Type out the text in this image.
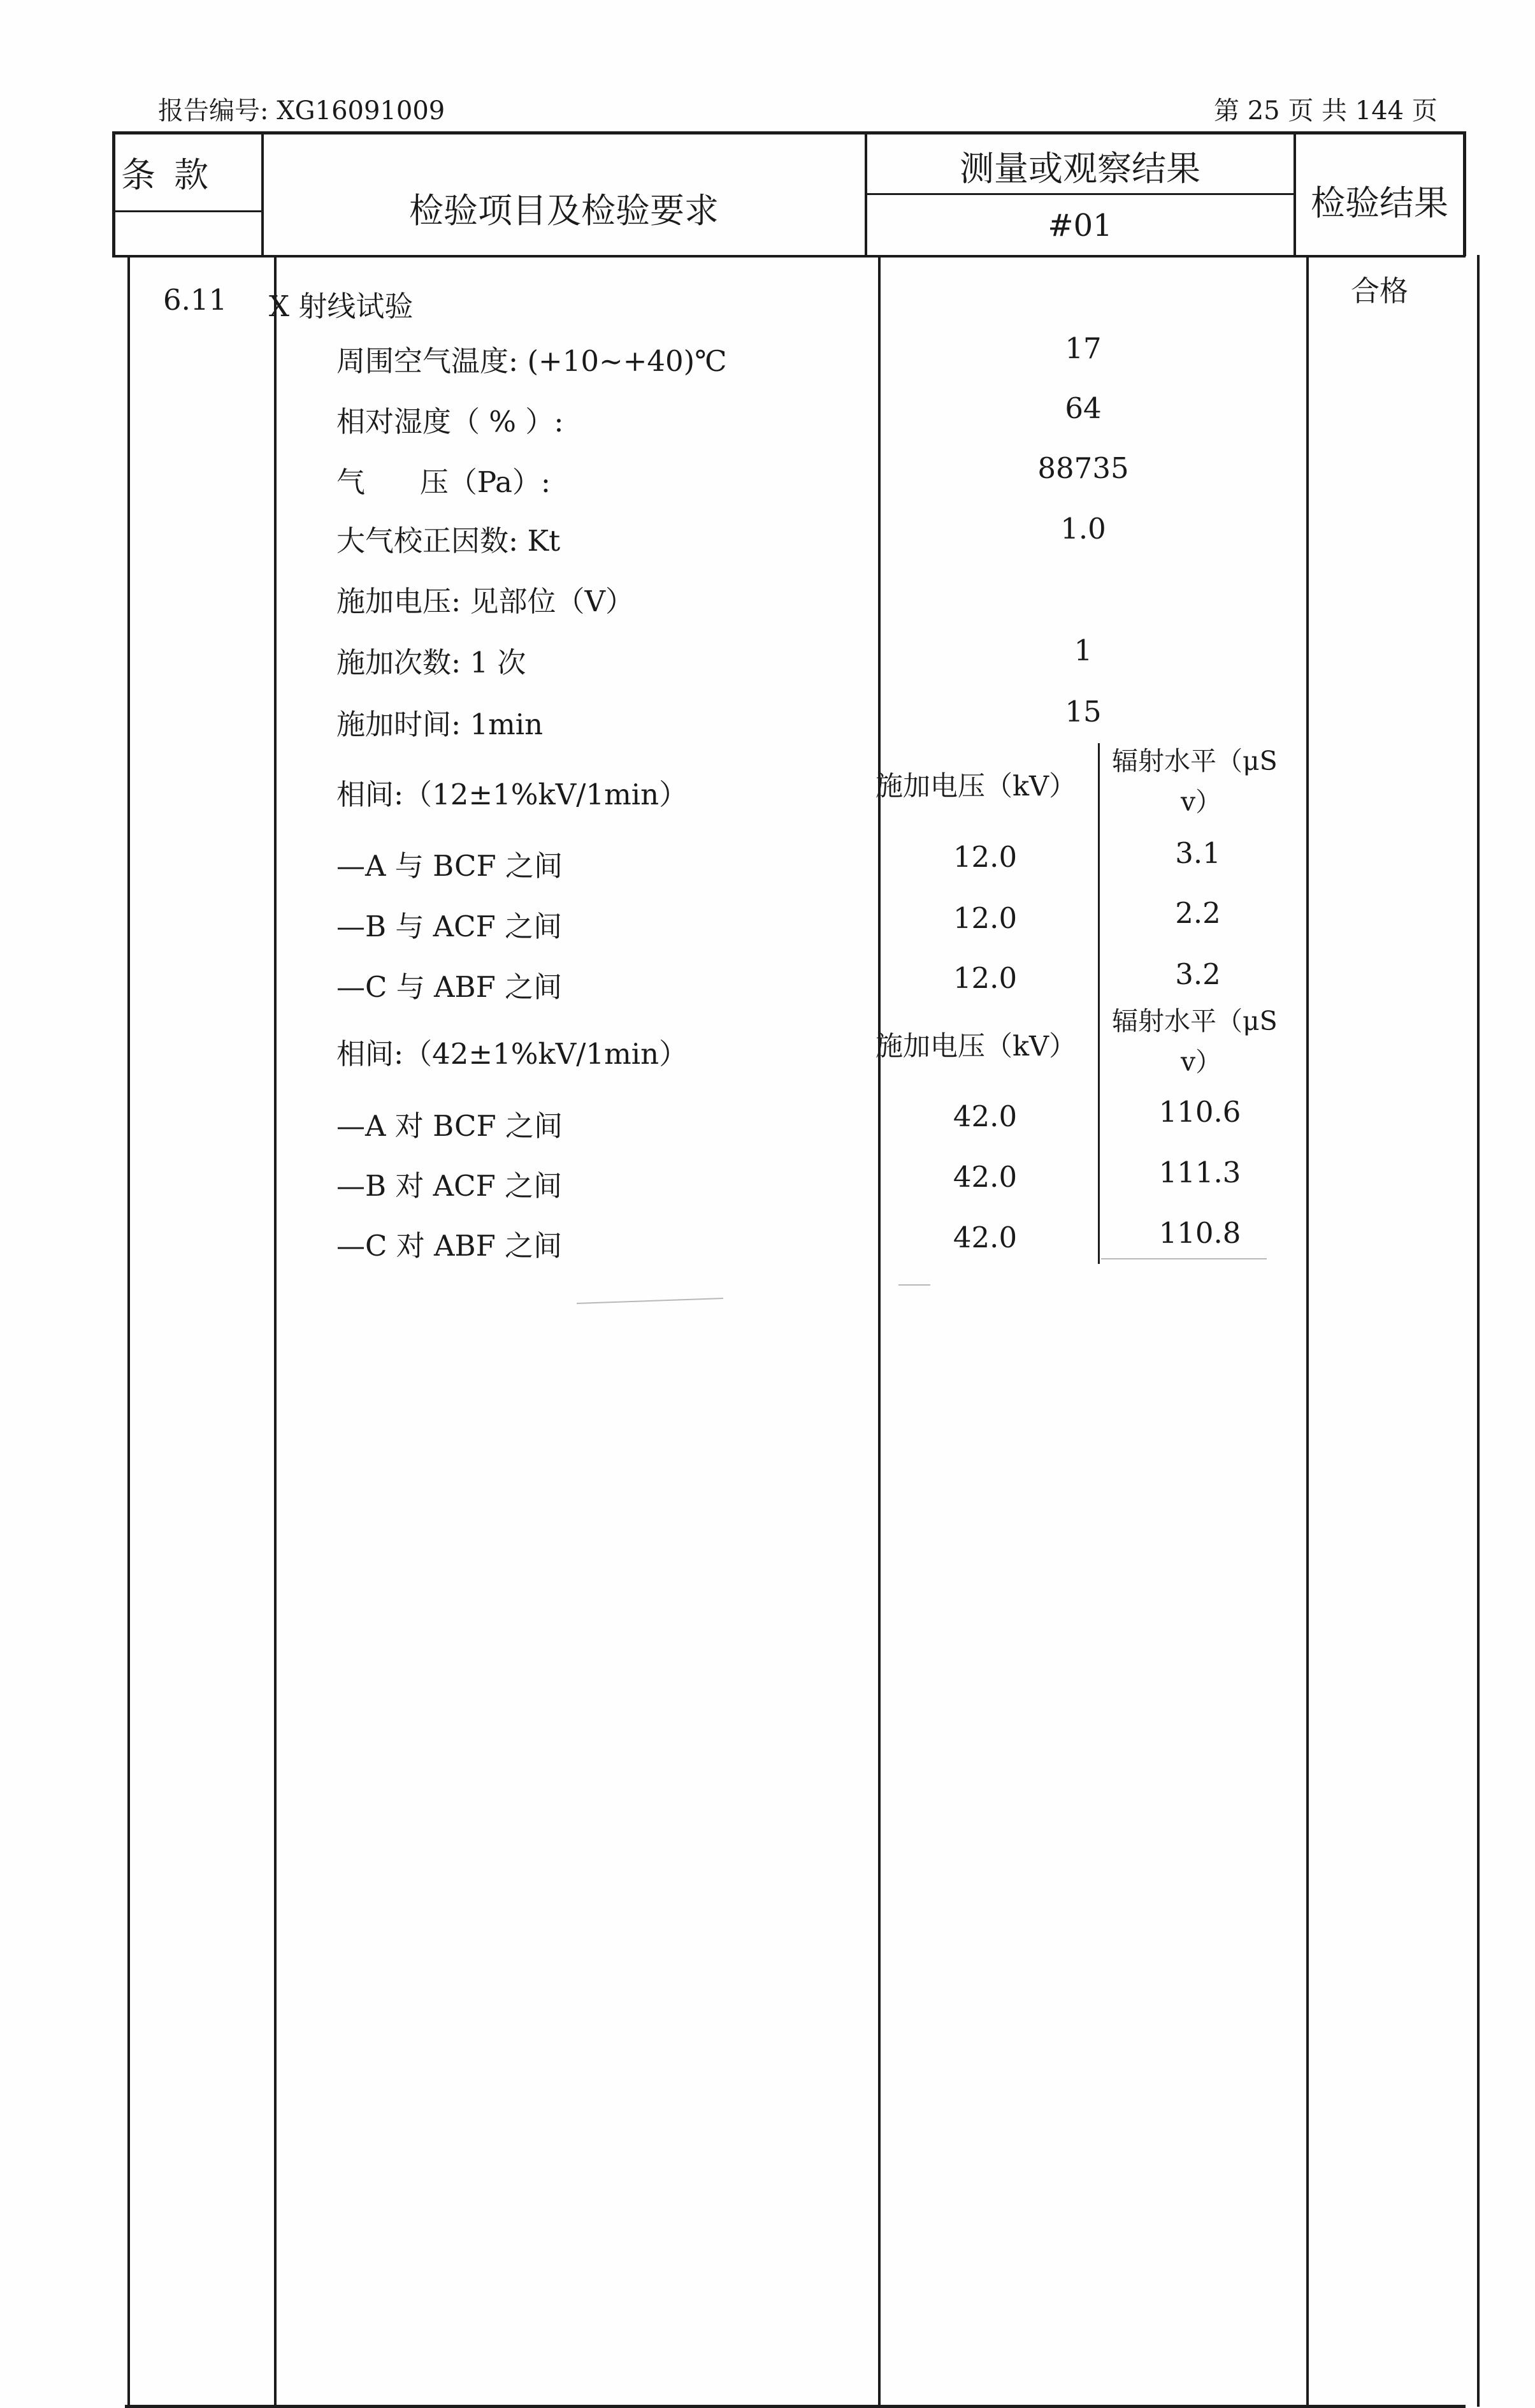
报告编号: XG16091009	第 25 页 共 144 页
条 款
检验项目及检验要求
测量或观察结果
#01
检验结果
6.11 X 射线试验	合格
周围空气温度: (+10~+40)℃	17
相对湿度（ % ）:	64
气      压（Pa）:	88735
大气校正因数: Kt	1.0
施加电压: 见部位（V）
施加次数: 1 次	1
施加时间: 1min	15
相间:（12±1%kV/1min）	施加电压（kV）
辐射水平（μS
v）
—A 与 BCF 之间	12.0	3.1
—B 与 ACF 之间	12.0	2.2
—C 与 ABF 之间	12.0	3.2
相间:（42±1%kV/1min）	施加电压（kV）
辐射水平（μS
v）
—A 对 BCF 之间	42.0	110.6
—B 对 ACF 之间	42.0	111.3
—C 对 ABF 之间	42.0	110.8
